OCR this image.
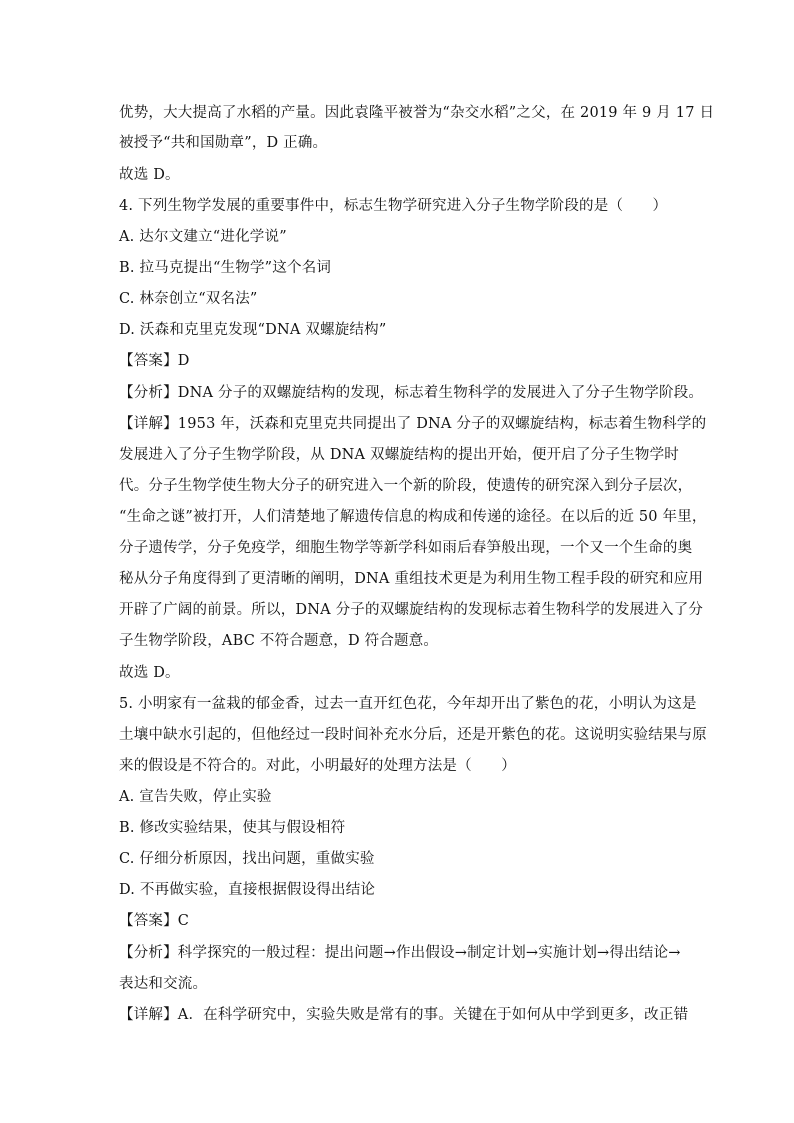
优势，大大提高了水稻的产量。因此袁隆平被誉为“杂交水稻”之父，在 2019 年 9 月 17 日
被授予“共和国勋章”，D 正确。
故选 D。
4. 下列生物学发展的重要事件中，标志生物学研究进入分子生物学阶段的是（　　）
A. 达尔文建立“进化学说”
B. 拉马克提出“生物学”这个名词
C. 林奈创立“双名法”
D. 沃森和克里克发现“DNA 双螺旋结构”
【答案】D
【分析】DNA 分子的双螺旋结构的发现，标志着生物科学的发展进入了分子生物学阶段。
【详解】1953 年，沃森和克里克共同提出了 DNA 分子的双螺旋结构，标志着生物科学的
发展进入了分子生物学阶段，从 DNA 双螺旋结构的提出开始，便开启了分子生物学时
代。分子生物学使生物大分子的研究进入一个新的阶段，使遗传的研究深入到分子层次，
“生命之谜”被打开，人们清楚地了解遗传信息的构成和传递的途径。在以后的近 50 年里，
分子遗传学，分子免疫学，细胞生物学等新学科如雨后春笋般出现，一个又一个生命的奥
秘从分子角度得到了更清晰的阐明，DNA 重组技术更是为利用生物工程手段的研究和应用
开辟了广阔的前景。所以，DNA 分子的双螺旋结构的发现标志着生物科学的发展进入了分
子生物学阶段，ABC 不符合题意，D 符合题意。
故选 D。
5. 小明家有一盆栽的郁金香，过去一直开红色花，今年却开出了紫色的花，小明认为这是
土壤中缺水引起的，但他经过一段时间补充水分后，还是开紫色的花。这说明实验结果与原
来的假设是不符合的。对此，小明最好的处理方法是（　　）
A. 宣告失败，停止实验
B. 修改实验结果，使其与假设相符
C. 仔细分析原因，找出问题，重做实验
D. 不再做实验，直接根据假设得出结论
【答案】C
【分析】科学探究的一般过程：提出问题→作出假设→制定计划→实施计划→得出结论→
表达和交流。
【详解】A．在科学研究中，实验失败是常有的事。关键在于如何从中学到更多，改正错
